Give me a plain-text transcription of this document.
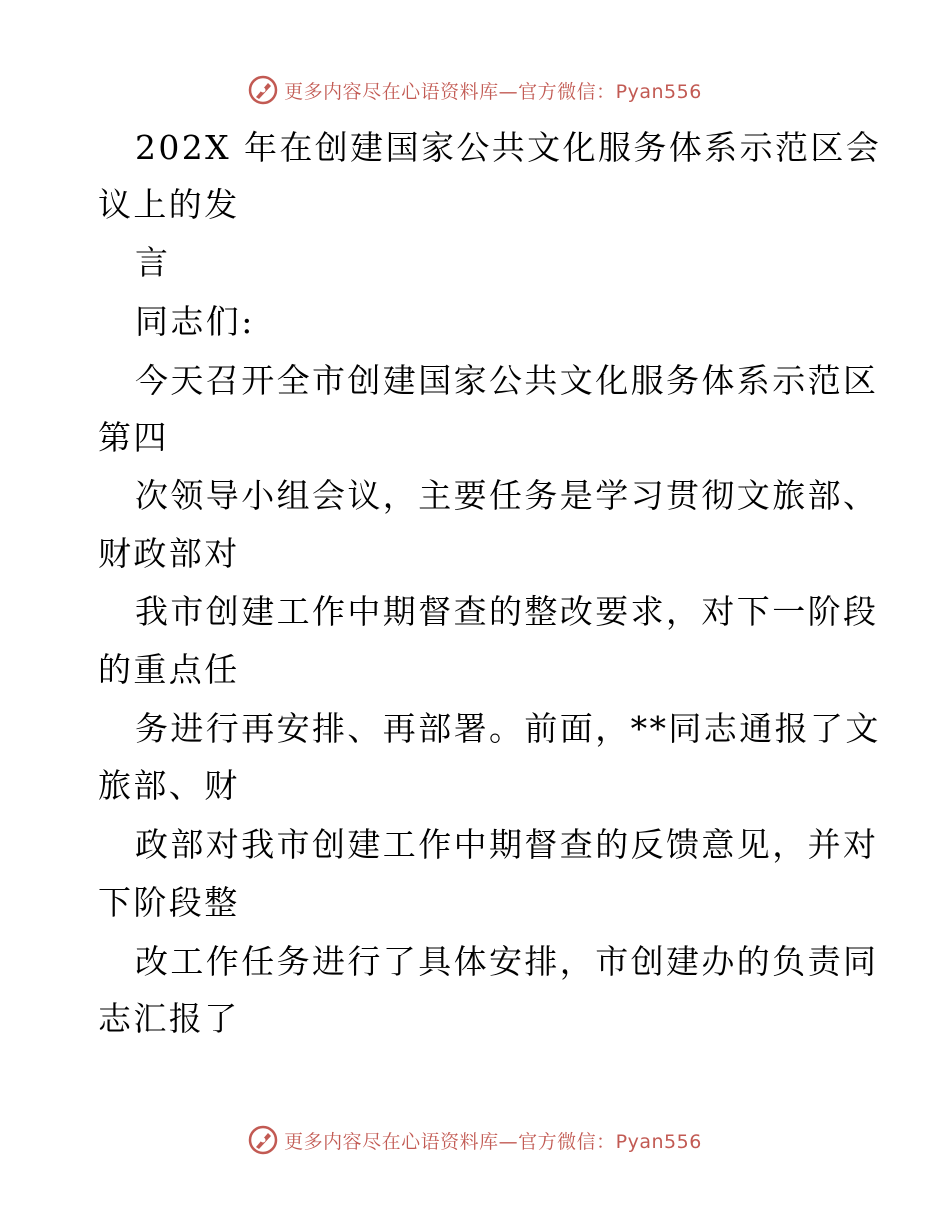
更多内容尽在心语资料库—官方微信：Pyan556
202X 年在创建国家公共文化服务体系示范区会
议上的发
言
同志们:
今天召开全市创建国家公共文化服务体系示范区
第四
次领导小组会议，主要任务是学习贯彻文旅部、
财政部对
我市创建工作中期督查的整改要求，对下一阶段
的重点任
务进行再安排、再部署。前面，**同志通报了文
旅部、财
政部对我市创建工作中期督查的反馈意见，并对
下阶段整
改工作任务进行了具体安排，市创建办的负责同
志汇报了
更多内容尽在心语资料库—官方微信：Pyan556
